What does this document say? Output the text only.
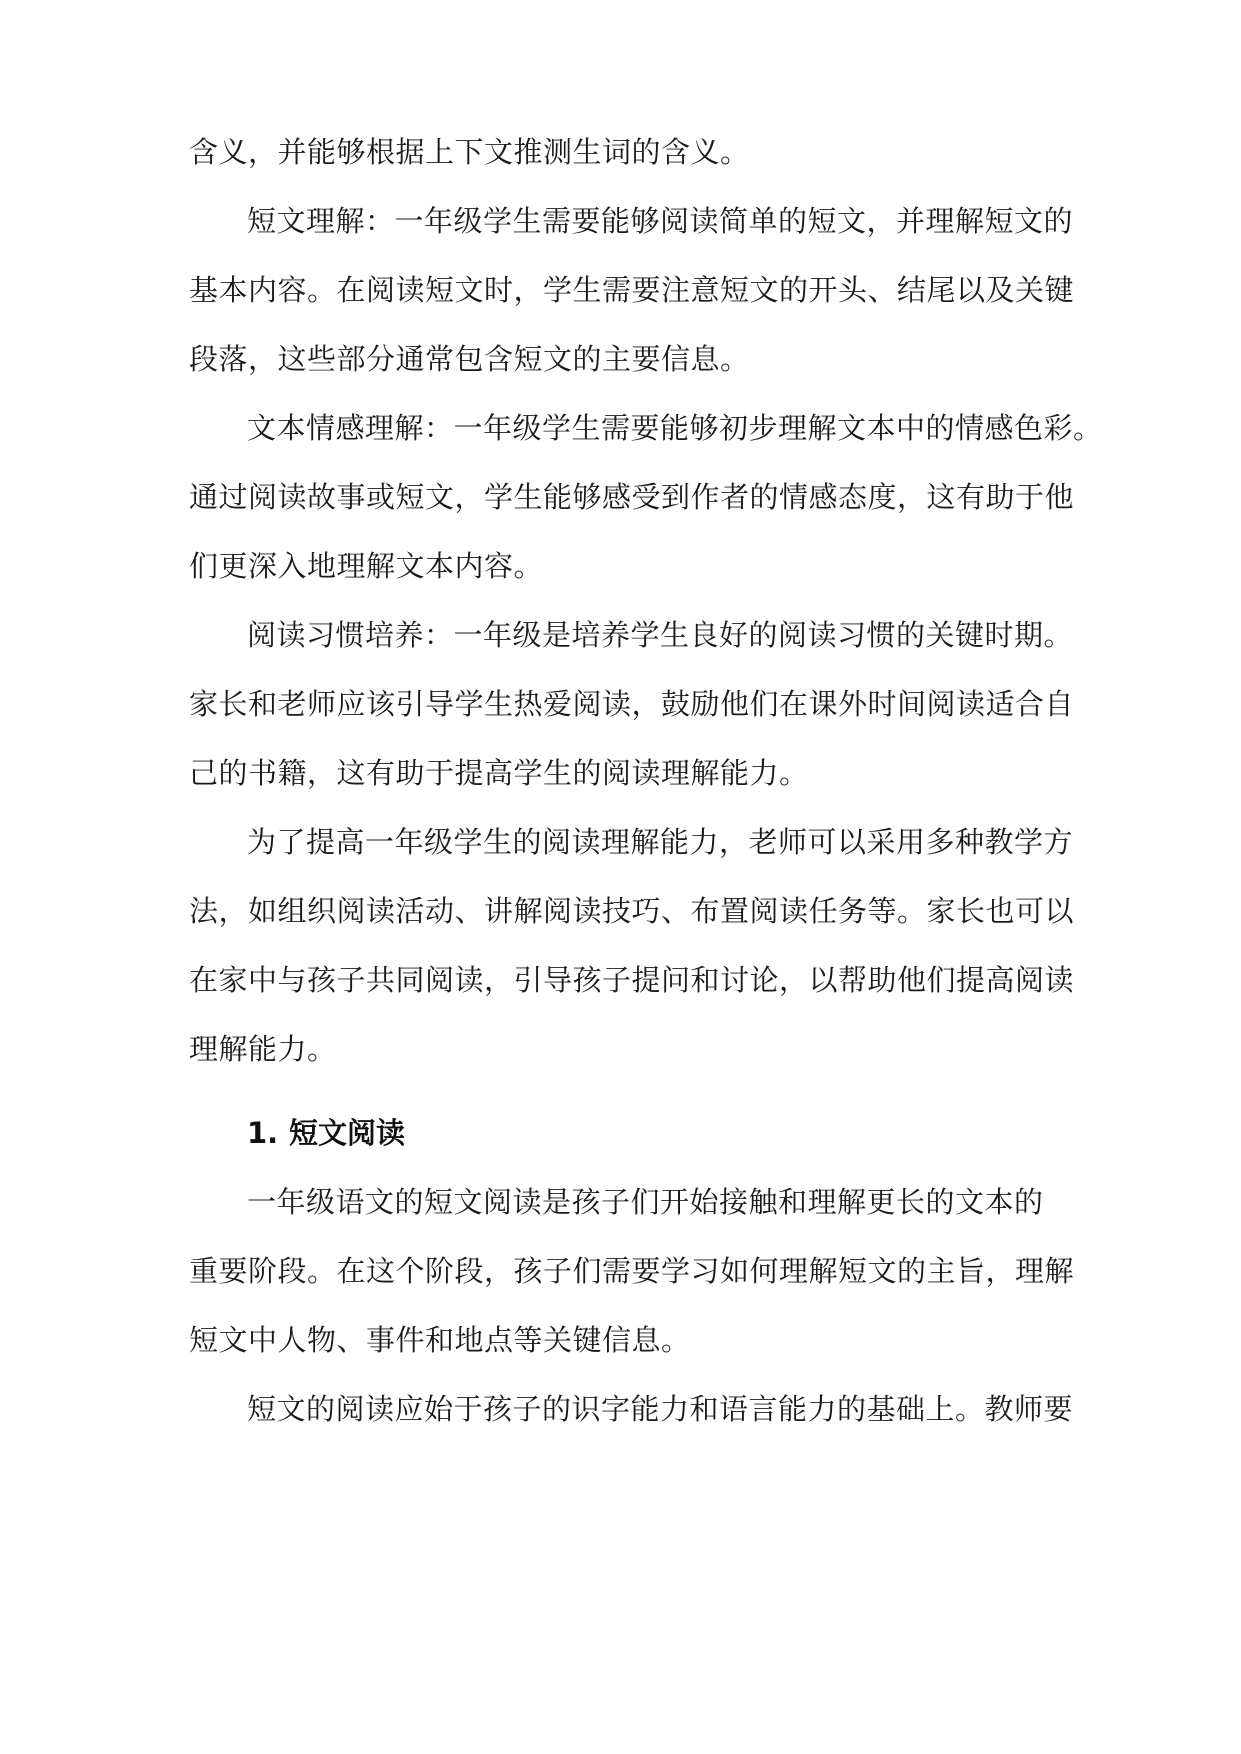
含义，并能够根据上下文推测生词的含义。
短文理解：一年级学生需要能够阅读简单的短文，并理解短文的
基本内容。在阅读短文时，学生需要注意短文的开头、结尾以及关键
段落，这些部分通常包含短文的主要信息。
文本情感理解：一年级学生需要能够初步理解文本中的情感色彩。
通过阅读故事或短文，学生能够感受到作者的情感态度，这有助于他
们更深入地理解文本内容。
阅读习惯培养：一年级是培养学生良好的阅读习惯的关键时期。
家长和老师应该引导学生热爱阅读，鼓励他们在课外时间阅读适合自
己的书籍，这有助于提高学生的阅读理解能力。
为了提高一年级学生的阅读理解能力，老师可以采用多种教学方
法，如组织阅读活动、讲解阅读技巧、布置阅读任务等。家长也可以
在家中与孩子共同阅读，引导孩子提问和讨论，以帮助他们提高阅读
理解能力。
1. 短文阅读
一年级语文的短文阅读是孩子们开始接触和理解更长的文本的
重要阶段。在这个阶段，孩子们需要学习如何理解短文的主旨，理解
短文中人物、事件和地点等关键信息。
短文的阅读应始于孩子的识字能力和语言能力的基础上。教师要
